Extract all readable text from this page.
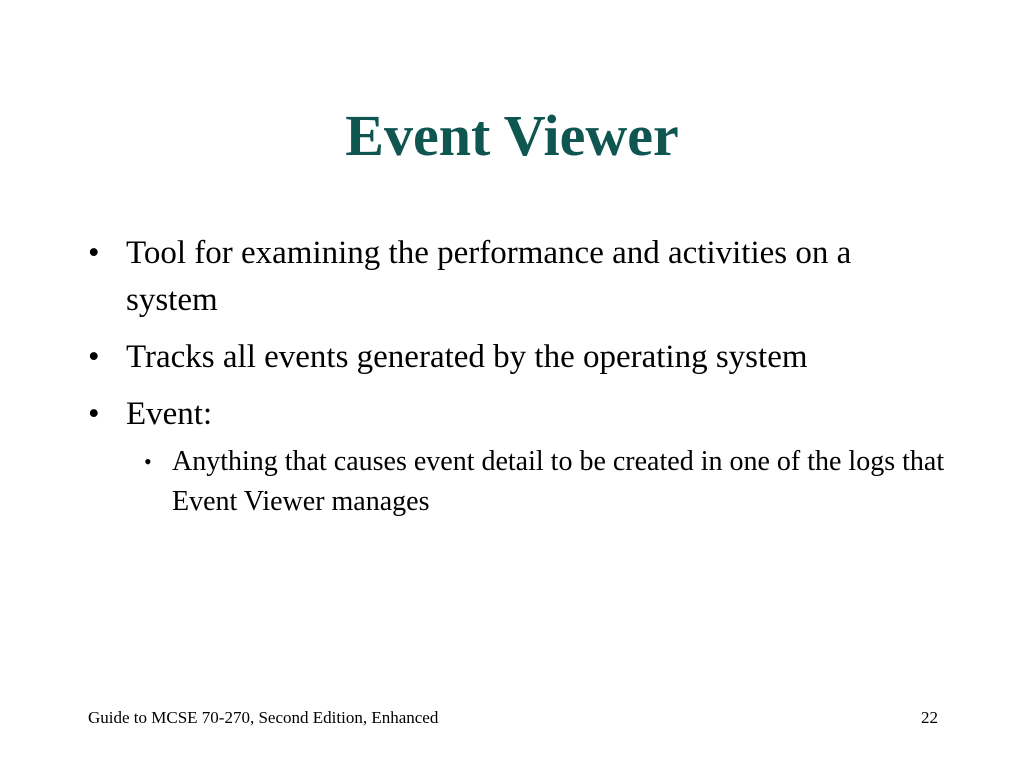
Event Viewer
• Tool for examining the performance and activities on a system
• Tracks all events generated by the operating system
• Event:
• Anything that causes event detail to be created in one of the logs that Event Viewer manages
Guide to MCSE 70-270, Second Edition, Enhanced	22
